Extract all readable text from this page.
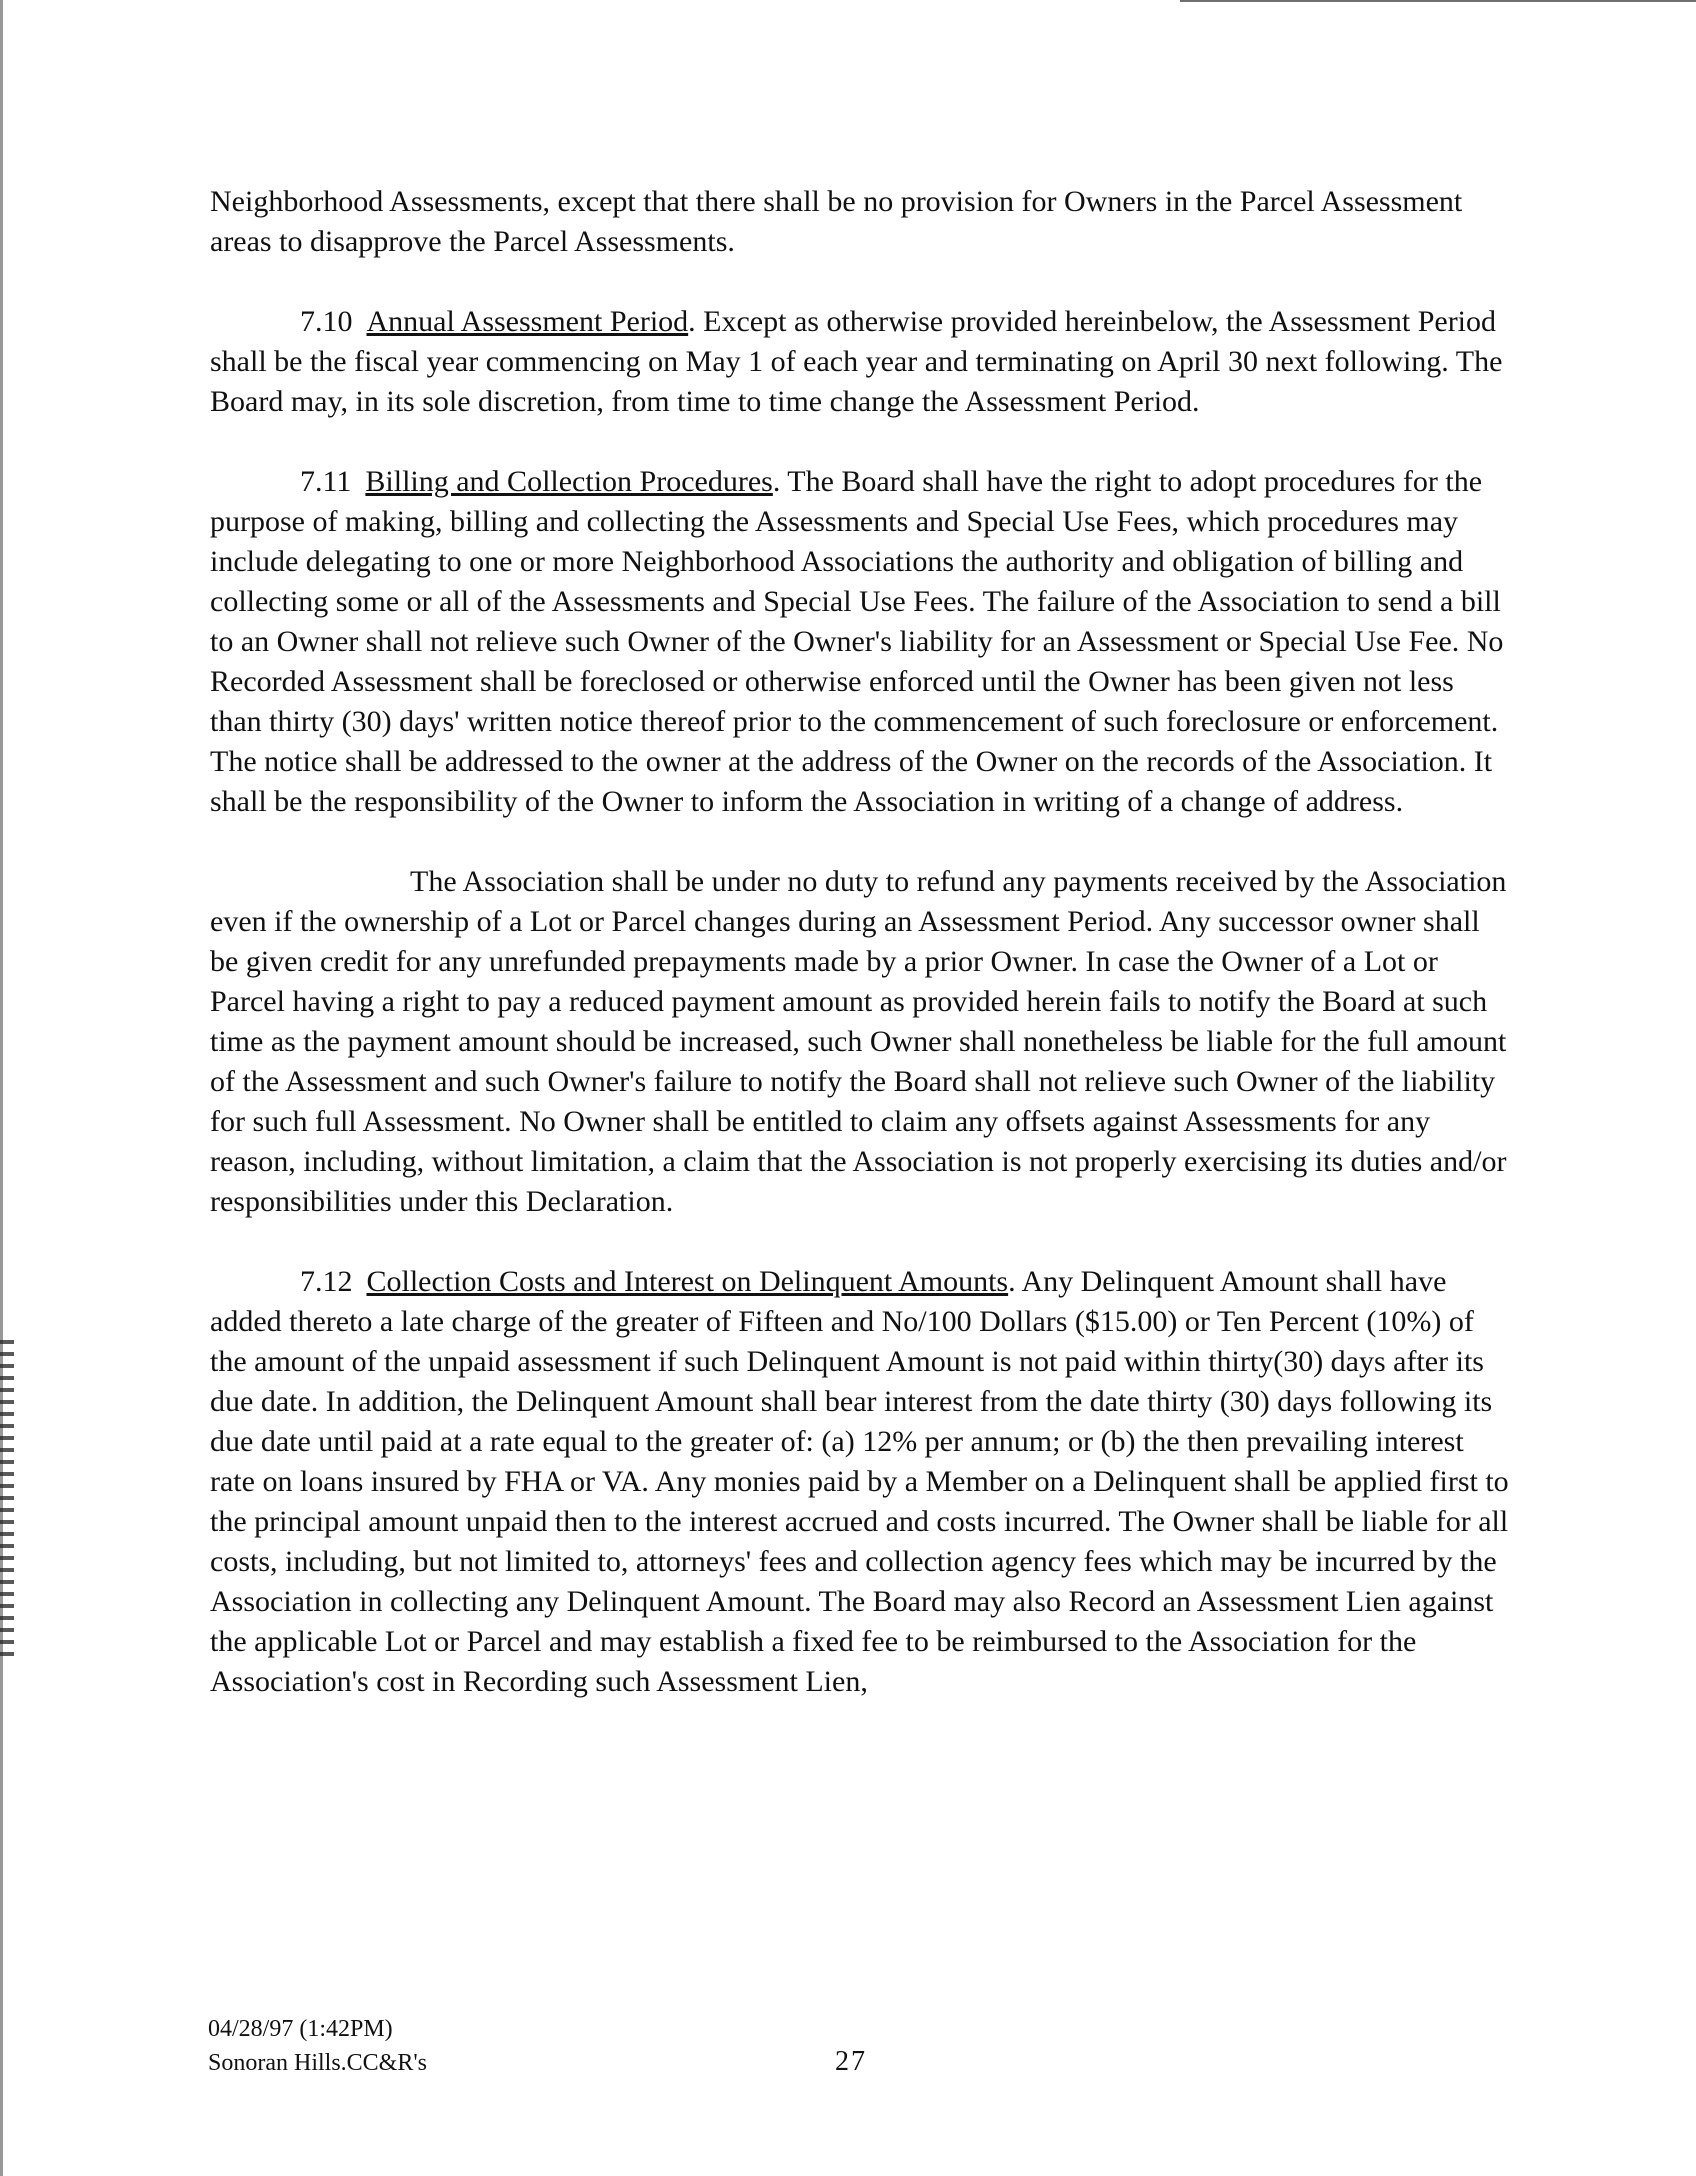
Neighborhood Assessments, except that there shall be no provision for Owners in the Parcel Assessment areas to disapprove the Parcel Assessments.

7.10 Annual Assessment Period. Except as otherwise provided hereinbelow, the Assessment Period shall be the fiscal year commencing on May 1 of each year and terminating on April 30 next following. The Board may, in its sole discretion, from time to time change the Assessment Period.

7.11 Billing and Collection Procedures. The Board shall have the right to adopt procedures for the purpose of making, billing and collecting the Assessments and Special Use Fees, which procedures may include delegating to one or more Neighborhood Associations the authority and obligation of billing and collecting some or all of the Assessments and Special Use Fees. The failure of the Association to send a bill to an Owner shall not relieve such Owner of the Owner's liability for an Assessment or Special Use Fee. No Recorded Assessment shall be foreclosed or otherwise enforced until the Owner has been given not less than thirty (30) days' written notice thereof prior to the commencement of such foreclosure or enforcement. The notice shall be addressed to the owner at the address of the Owner on the records of the Association. It shall be the responsibility of the Owner to inform the Association in writing of a change of address.

The Association shall be under no duty to refund any payments received by the Association even if the ownership of a Lot or Parcel changes during an Assessment Period. Any successor owner shall be given credit for any unrefunded prepayments made by a prior Owner. In case the Owner of a Lot or Parcel having a right to pay a reduced payment amount as provided herein fails to notify the Board at such time as the payment amount should be increased, such Owner shall nonetheless be liable for the full amount of the Assessment and such Owner's failure to notify the Board shall not relieve such Owner of the liability for such full Assessment. No Owner shall be entitled to claim any offsets against Assessments for any reason, including, without limitation, a claim that the Association is not properly exercising its duties and/or responsibilities under this Declaration.

7.12 Collection Costs and Interest on Delinquent Amounts. Any Delinquent Amount shall have added thereto a late charge of the greater of Fifteen and No/100 Dollars ($15.00) or Ten Percent (10%) of the amount of the unpaid assessment if such Delinquent Amount is not paid within thirty(30) days after its due date. In addition, the Delinquent Amount shall bear interest from the date thirty (30) days following its due date until paid at a rate equal to the greater of: (a) 12% per annum; or (b) the then prevailing interest rate on loans insured by FHA or VA. Any monies paid by a Member on a Delinquent shall be applied first to the principal amount unpaid then to the interest accrued and costs incurred. The Owner shall be liable for all costs, including, but not limited to, attorneys' fees and collection agency fees which may be incurred by the Association in collecting any Delinquent Amount. The Board may also Record an Assessment Lien against the applicable Lot or Parcel and may establish a fixed fee to be reimbursed to the Association for the Association's cost in Recording such Assessment Lien,

04/28/97 (1:42PM)
Sonoran Hills.CC&R's	27
